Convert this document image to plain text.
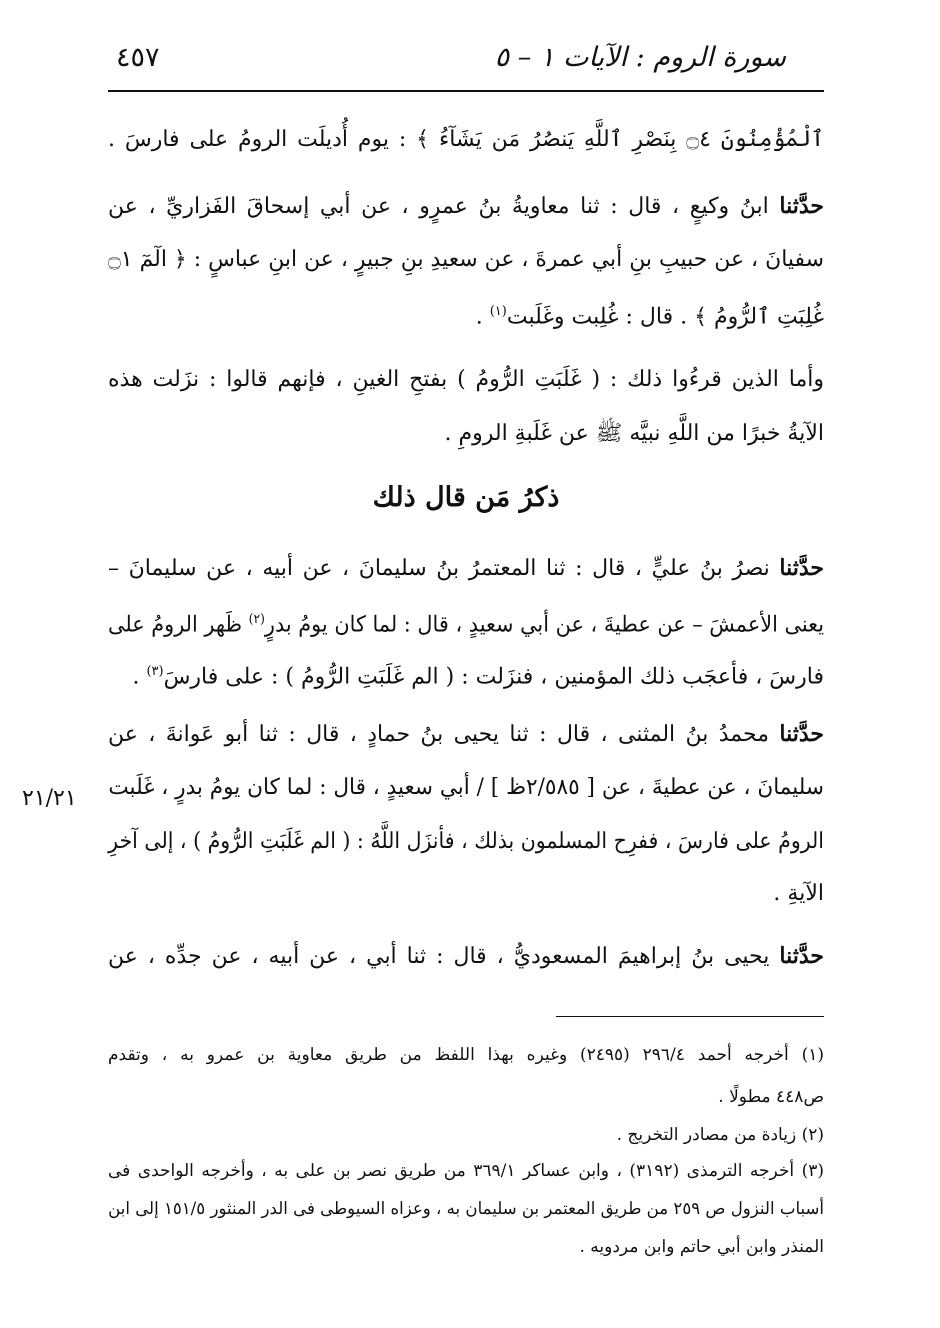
سورة الروم : الآيات ١ – ٥
٤٥٧
ٱلْمُؤْمِنُونَ ۝٤ بِنَصْرِ ٱللَّهِ يَنصُرُ مَن يَشَآءُ ﴾ : يوم أُديلَت الرومُ على فارسَ .
حدَّثنا ابنُ وكيعٍ ، قال : ثنا معاويةُ بنُ عمرٍو ، عن أبي إسحاقَ الفَزاريِّ ، عن
سفيانَ ، عن حبيبِ بنِ أبي عمرةَ ، عن سعيدِ بنِ جبيرٍ ، عن ابنِ عباسٍ : ﴿ الٓمٓ ۝١
غُلِبَتِ ٱلرُّومُ ﴾ . قال : غُلِبت وغَلَبت$^{(١)}$ .
وأما الذين قرءُوا ذلك : ( غَلَبَتِ الرُّومُ ) بفتحِ الغينِ ، فإنهم قالوا : نزَلت هذه
الآيةُ خبرًا من اللَّهِ نبيَّه ﷺ عن غَلَبةِ الرومِ .
حدَّثنا نصرُ بنُ عليٍّ ، قال : ثنا المعتمرُ بنُ سليمانَ ، عن أبيه ، عن سليمانَ –
يعنى الأعمشَ – عن عطيةَ ، عن أبي سعيدٍ ، قال : لما كان يومُ بدرٍ$^{(٢)}$ ظَهر الرومُ على
فارسَ ، فأعجَب ذلك المؤمنين ، فنزَلت : ( الم غَلَبَتِ الرُّومُ ) : على فارسَ$^{(٣)}$ .
حدَّثنا محمدُ بنُ المثنى ، قال : ثنا يحيى بنُ حمادٍ ، قال : ثنا أبو عَوانةَ ، عن
سليمانَ ، عن عطيةَ ، عن [ ٢/٥٨٥ظ ] / أبي سعيدٍ ، قال : لما كان يومُ بدرٍ ، غَلَبت
الرومُ على فارسَ ، ففرِح المسلمون بذلك ، فأنزَل اللَّهُ : ( الم غَلَبَتِ الرُّومُ ) ، إلى آخرِ
الآيةِ .
حدَّثنا يحيى بنُ إبراهيمَ المسعوديُّ ، قال : ثنا أبي ، عن أبيه ، عن جدِّه ، عن
ذكرُ مَن قال ذلك
٢١/٢١
(١) أخرجه أحمد ٢٩٦/٤ (٢٤٩٥) وغيره بهذا اللفظ من طريق معاوية بن عمرو به ، وتقدم
ص٤٤٨ مطولًا .
(٢) زيادة من مصادر التخريج .
(٣) أخرجه الترمذى (٣١٩٢) ، وابن عساكر ٣٦٩/١ من طريق نصر بن على به ، وأخرجه الواحدى فى
أسباب النزول ص ٢٥٩ من طريق المعتمر بن سليمان به ، وعزاه السيوطى فى الدر المنثور ١٥١/٥ إلى ابن
المنذر وابن أبي حاتم وابن مردويه .
